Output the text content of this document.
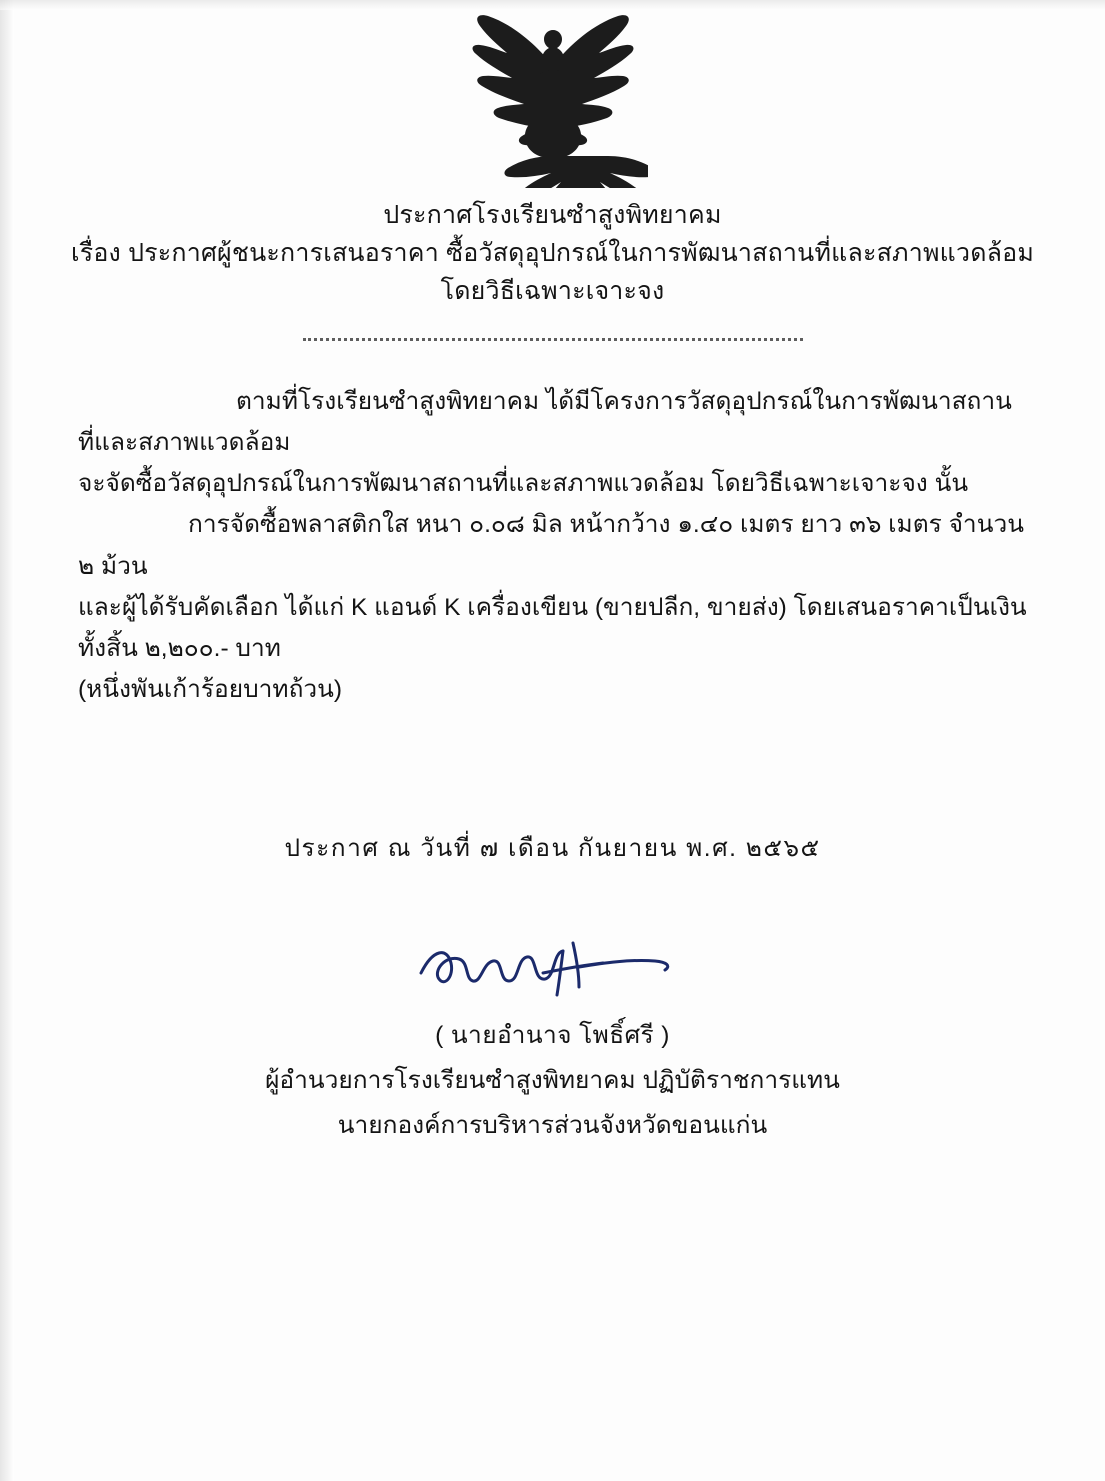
ประกาศโรงเรียนซำสูงพิทยาคม
เรื่อง ประกาศผู้ชนะการเสนอราคา ซื้อวัสดุอุปกรณ์ในการพัฒนาสถานที่และสภาพแวดล้อม
โดยวิธีเฉพาะเจาะจง
ตามที่โรงเรียนซำสูงพิทยาคม ได้มีโครงการวัสดุอุปกรณ์ในการพัฒนาสถานที่และสภาพแวดล้อม
จะจัดซื้อวัสดุอุปกรณ์ในการพัฒนาสถานที่และสภาพแวดล้อม โดยวิธีเฉพาะเจาะจง นั้น
การจัดซื้อพลาสติกใส หนา ๐.๐๘ มิล หน้ากว้าง ๑.๔๐ เมตร ยาว ๓๖ เมตร จำนวน ๒ ม้วน
และผู้ได้รับคัดเลือก ได้แก่ K แอนด์ K เครื่องเขียน (ขายปลีก, ขายส่ง) โดยเสนอราคาเป็นเงินทั้งสิ้น ๒,๒๐๐.- บาท
(หนึ่งพันเก้าร้อยบาทถ้วน)
ประกาศ ณ วันที่ ๗ เดือน กันยายน พ.ศ. ๒๕๖๕
( นายอำนาจ โพธิ์ศรี )
ผู้อำนวยการโรงเรียนซำสูงพิทยาคม ปฏิบัติราชการแทน
นายกองค์การบริหารส่วนจังหวัดขอนแก่น
